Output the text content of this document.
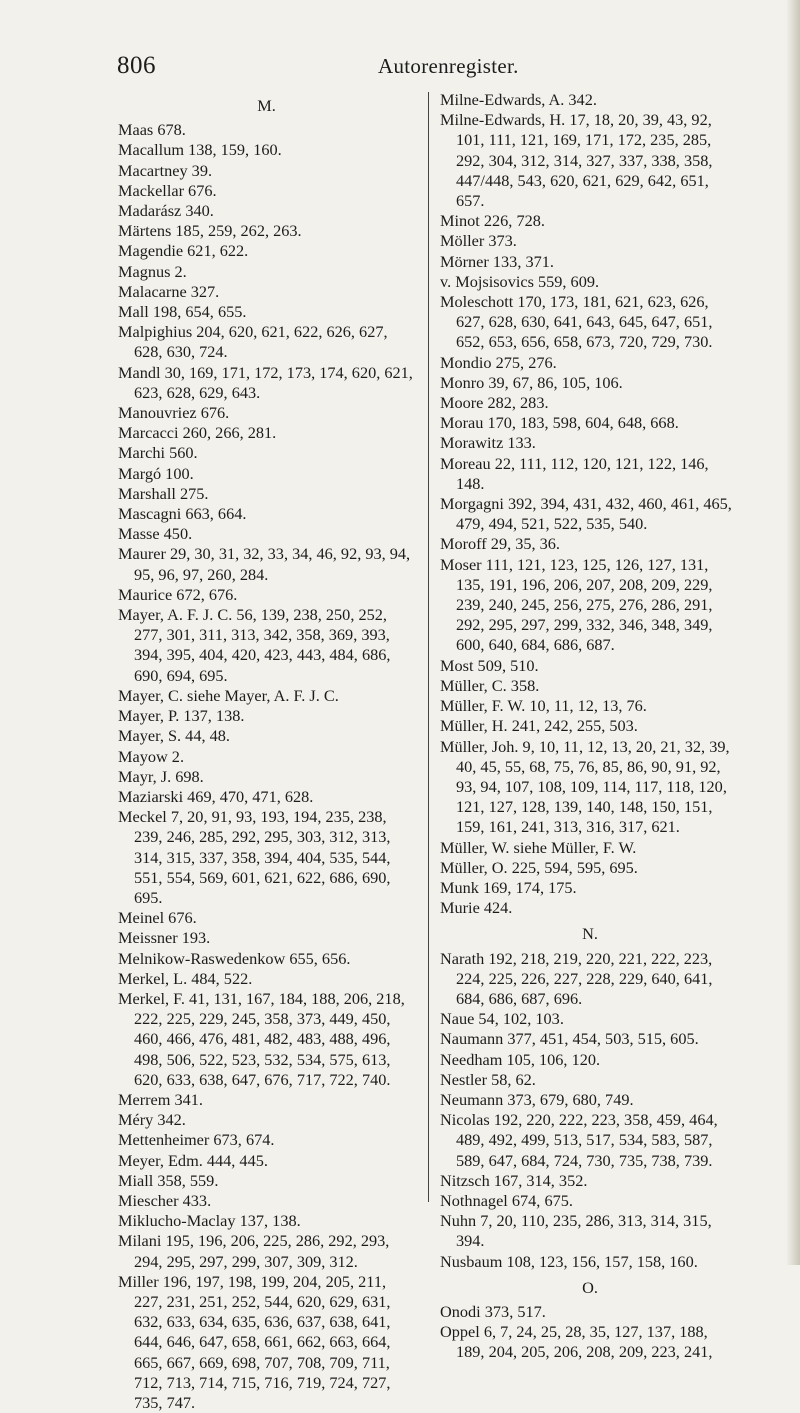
806	Autorenregister.
M.

Maas 678.

Macallum 138, 159, 160.

Macartney 39.

Mackellar 676.

Madarász 340.

Märtens 185, 259, 262, 263.

Magendie 621, 622.

Magnus 2.

Malacarne 327.

Mall 198, 654, 655.

Malpighius 204, 620, 621, 622, 626, 627, 628, 630, 724.

Mandl 30, 169, 171, 172, 173, 174, 620, 621, 623, 628, 629, 643.

Manouvriez 676.

Marcacci 260, 266, 281.

Marchi 560.

Margó 100.

Marshall 275.

Mascagni 663, 664.

Masse 450.

Maurer 29, 30, 31, 32, 33, 34, 46, 92, 93, 94, 95, 96, 97, 260, 284.

Maurice 672, 676.

Mayer, A. F. J. C. 56, 139, 238, 250, 252, 277, 301, 311, 313, 342, 358, 369, 393, 394, 395, 404, 420, 423, 443, 484, 686, 690, 694, 695.

Mayer, C. siehe Mayer, A. F. J. C.

Mayer, P. 137, 138.

Mayer, S. 44, 48.

Mayow 2.

Mayr, J. 698.

Maziarski 469, 470, 471, 628.

Meckel 7, 20, 91, 93, 193, 194, 235, 238, 239, 246, 285, 292, 295, 303, 312, 313, 314, 315, 337, 358, 394, 404, 535, 544, 551, 554, 569, 601, 621, 622, 686, 690, 695.

Meinel 676.

Meissner 193.

Melnikow-Raswedenkow 655, 656.

Merkel, L. 484, 522.

Merkel, F. 41, 131, 167, 184, 188, 206, 218, 222, 225, 229, 245, 358, 373, 449, 450, 460, 466, 476, 481, 482, 483, 488, 496, 498, 506, 522, 523, 532, 534, 575, 613, 620, 633, 638, 647, 676, 717, 722, 740.

Merrem 341.

Méry 342.

Mettenheimer 673, 674.

Meyer, Edm. 444, 445.

Miall 358, 559.

Miescher 433.

Miklucho-Maclay 137, 138.

Milani 195, 196, 206, 225, 286, 292, 293, 294, 295, 297, 299, 307, 309, 312.

Miller 196, 197, 198, 199, 204, 205, 211, 227, 231, 251, 252, 544, 620, 629, 631, 632, 633, 634, 635, 636, 637, 638, 641, 644, 646, 647, 658, 661, 662, 663, 664, 665, 667, 669, 698, 707, 708, 709, 711, 712, 713, 714, 715, 716, 719, 724, 727, 735, 747.

Milne-Edwards, A. 342.

Milne-Edwards, H. 17, 18, 20, 39, 43, 92, 101, 111, 121, 169, 171, 172, 235, 285, 292, 304, 312, 314, 327, 337, 338, 358, 447/448, 543, 620, 621, 629, 642, 651, 657.

Minot 226, 728.

Möller 373.

Mörner 133, 371.

v. Mojsisovics 559, 609.

Moleschott 170, 173, 181, 621, 623, 626, 627, 628, 630, 641, 643, 645, 647, 651, 652, 653, 656, 658, 673, 720, 729, 730.

Mondio 275, 276.

Monro 39, 67, 86, 105, 106.

Moore 282, 283.

Morau 170, 183, 598, 604, 648, 668.

Morawitz 133.

Moreau 22, 111, 112, 120, 121, 122, 146, 148.

Morgagni 392, 394, 431, 432, 460, 461, 465, 479, 494, 521, 522, 535, 540.

Moroff 29, 35, 36.

Moser 111, 121, 123, 125, 126, 127, 131, 135, 191, 196, 206, 207, 208, 209, 229, 239, 240, 245, 256, 275, 276, 286, 291, 292, 295, 297, 299, 332, 346, 348, 349, 600, 640, 684, 686, 687.

Most 509, 510.

Müller, C. 358.

Müller, F. W. 10, 11, 12, 13, 76.

Müller, H. 241, 242, 255, 503.

Müller, Joh. 9, 10, 11, 12, 13, 20, 21, 32, 39, 40, 45, 55, 68, 75, 76, 85, 86, 90, 91, 92, 93, 94, 107, 108, 109, 114, 117, 118, 120, 121, 127, 128, 139, 140, 148, 150, 151, 159, 161, 241, 313, 316, 317, 621.

Müller, W. siehe Müller, F. W.

Müller, O. 225, 594, 595, 695.

Munk 169, 174, 175.

Murie 424.

N.

Narath 192, 218, 219, 220, 221, 222, 223, 224, 225, 226, 227, 228, 229, 640, 641, 684, 686, 687, 696.

Naue 54, 102, 103.

Naumann 377, 451, 454, 503, 515, 605.

Needham 105, 106, 120.

Nestler 58, 62.

Neumann 373, 679, 680, 749.

Nicolas 192, 220, 222, 223, 358, 459, 464, 489, 492, 499, 513, 517, 534, 583, 587, 589, 647, 684, 724, 730, 735, 738, 739.

Nitzsch 167, 314, 352.

Nothnagel 674, 675.

Nuhn 7, 20, 110, 235, 286, 313, 314, 315, 394.

Nusbaum 108, 123, 156, 157, 158, 160.

O.

Onodi 373, 517.

Oppel 6, 7, 24, 25, 28, 35, 127, 137, 188, 189, 204, 205, 206, 208, 209, 223, 241,
